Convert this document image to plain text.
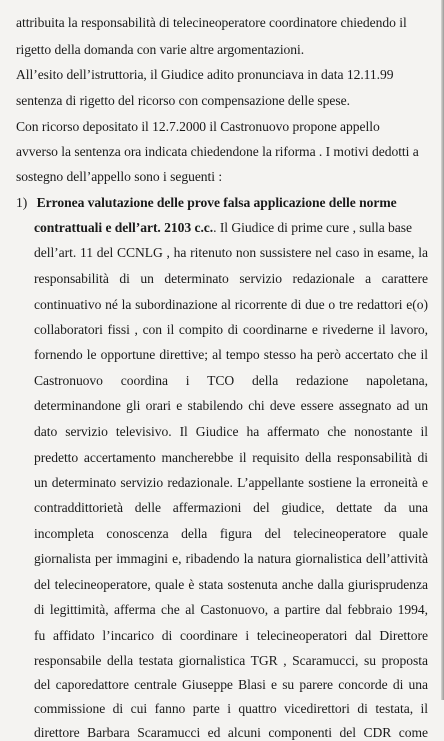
attribuita la responsabilità di telecineoperatore coordinatore chiedendo il
rigetto della domanda con varie altre argomentazioni.
All’esito dell’istruttoria, il Giudice adito pronunciava in data 12.11.99
sentenza di rigetto del ricorso con compensazione delle spese.
Con ricorso depositato il 12.7.2000 il Castronuovo propone appello
avverso la sentenza ora indicata chiedendone la riforma . I motivi dedotti a
sostegno dell’appello sono i seguenti :
1) Erronea valutazione delle prove falsa applicazione delle norme
contrattuali e dell’art. 2103 c.c.. Il Giudice di prime cure , sulla base
dell’art. 11 del CCNLG , ha ritenuto non sussistere nel caso in esame, la
responsabilità di un determinato servizio redazionale a carattere
continuativo né la subordinazione al ricorrente di due o tre redattori e(o)
collaboratori fissi , con il compito di coordinarne e rivederne il lavoro,
fornendo le opportune direttive; al tempo stesso ha però accertato che il
Castronuovo coordina i TCO della redazione napoletana,
determinandone gli orari e stabilendo chi deve essere assegnato ad un
dato servizio televisivo. Il Giudice ha affermato che nonostante il
predetto accertamento mancherebbe il requisito della responsabilità di
un determinato servizio redazionale. L’appellante sostiene la erroneità e
contraddittorietà delle affermazioni del giudice, dettate da una
incompleta conoscenza della figura del telecineoperatore quale
giornalista per immagini e, ribadendo la natura giornalistica dell’attività
del telecineoperatore, quale è stata sostenuta anche dalla giurisprudenza
di legittimità, afferma che al Castonuovo, a partire dal febbraio 1994,
fu affidato l’incarico di coordinare i telecineoperatori dal Direttore
responsabile della testata giornalistica TGR , Scaramucci, su proposta
del caporedattore centrale Giuseppe Blasi e su parere concorde di una
commissione di cui fanno parte i quattro vicedirettori di testata, il
direttore Barbara Scaramucci ed alcuni componenti del CDR come
